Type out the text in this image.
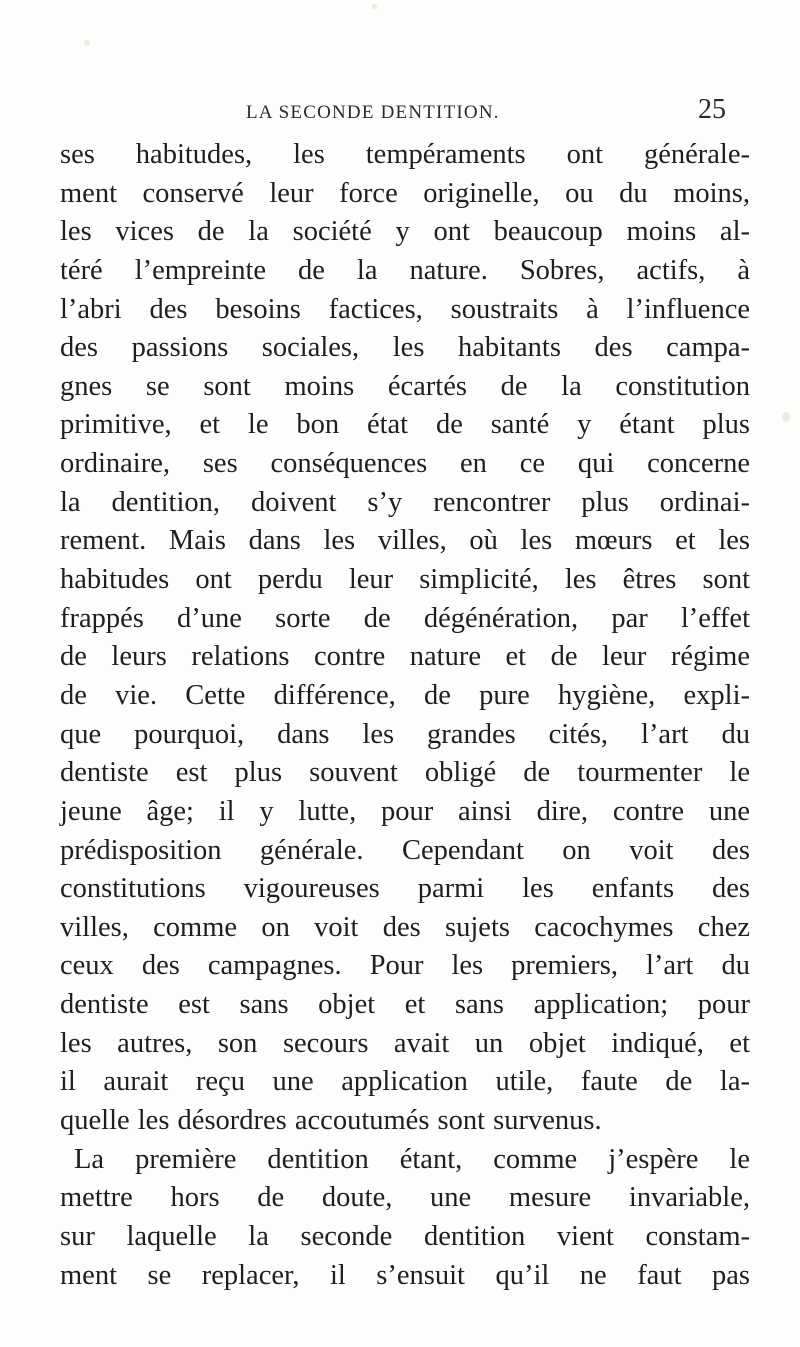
LA SECONDE DENTITION.	25
ses habitudes, les tempéraments ont générale-
ment conservé leur force originelle, ou du moins,
les vices de la société y ont beaucoup moins al-
téré l’empreinte de la nature. Sobres, actifs, à
l’abri des besoins factices, soustraits à l’influence
des passions sociales, les habitants des campa-
gnes se sont moins écartés de la constitution
primitive, et le bon état de santé y étant plus
ordinaire, ses conséquences en ce qui concerne
la dentition, doivent s’y rencontrer plus ordinai-
rement. Mais dans les villes, où les mœurs et les
habitudes ont perdu leur simplicité, les êtres sont
frappés d’une sorte de dégénération, par l’effet
de leurs relations contre nature et de leur régime
de vie. Cette différence, de pure hygiène, expli-
que pourquoi, dans les grandes cités, l’art du
dentiste est plus souvent obligé de tourmenter le
jeune âge; il y lutte, pour ainsi dire, contre une
prédisposition générale. Cependant on voit des
constitutions vigoureuses parmi les enfants des
villes, comme on voit des sujets cacochymes chez
ceux des campagnes. Pour les premiers, l’art du
dentiste est sans objet et sans application; pour
les autres, son secours avait un objet indiqué, et
il aurait reçu une application utile, faute de la-
quelle les désordres accoutumés sont survenus.
La première dentition étant, comme j’espère le
mettre hors de doute, une mesure invariable,
sur laquelle la seconde dentition vient constam-
ment se replacer, il s’ensuit qu’il ne faut pas
